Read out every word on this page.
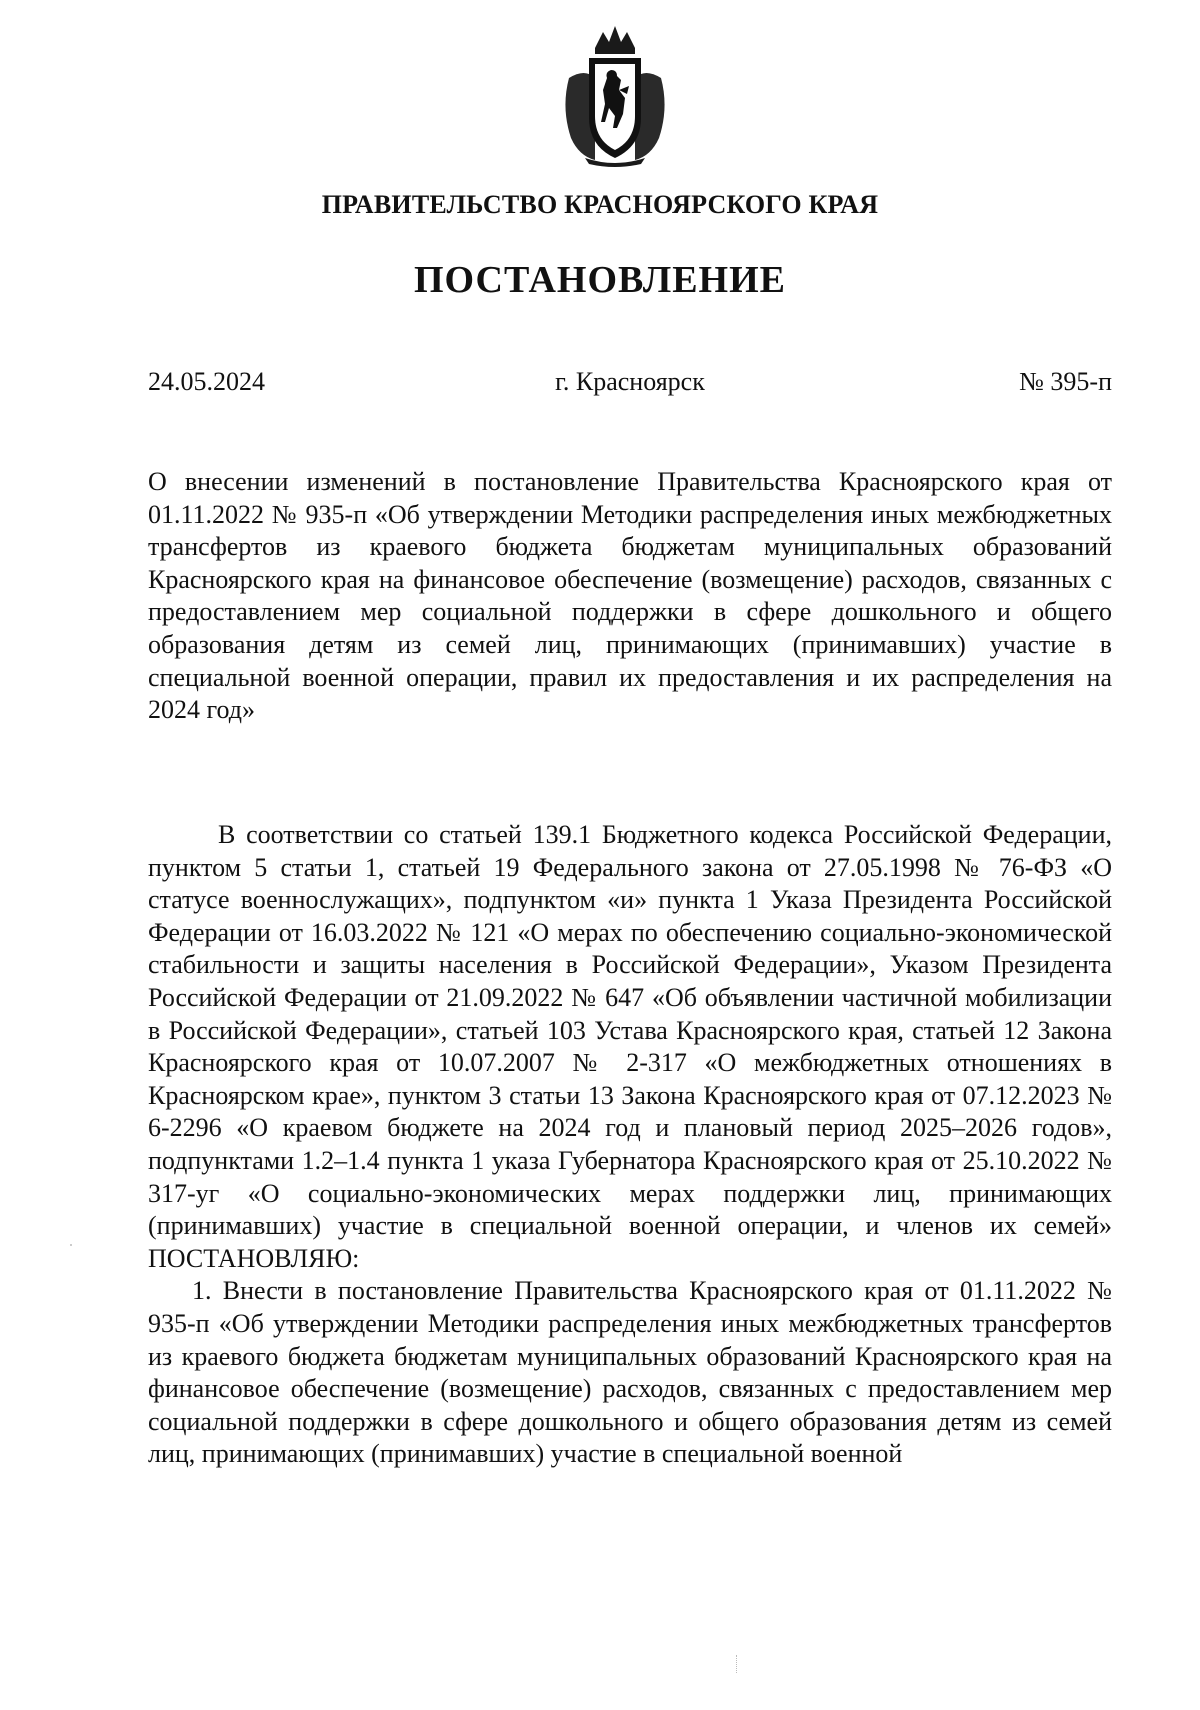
ПРАВИТЕЛЬСТВО КРАСНОЯРСКОГО КРАЯ
ПОСТАНОВЛЕНИЕ
24.05.2024	г. Красноярск	№ 395-п
О внесении изменений в постановление Правительства Красноярского края от 01.11.2022 № 935-п «Об утверждении Методики распределения иных межбюджетных трансфертов из краевого бюджета бюджетам муниципальных образований Красноярского края на финансовое обеспечение (возмещение) расходов, связанных с предоставлением мер социальной поддержки в сфере дошкольного и общего образования детям из семей лиц, принимающих (принимавших) участие в специальной военной операции, правил их предоставления и их распределения на 2024 год»

В соответствии со статьей 139.1 Бюджетного кодекса Российской Федерации, пунктом 5 статьи 1, статьей 19 Федерального закона от 27.05.1998 № 76-ФЗ «О статусе военнослужащих», подпунктом «и» пункта 1 Указа Президента Российской Федерации от 16.03.2022 № 121 «О мерах по обеспечению социально-экономической стабильности и защиты населения в Российской Федерации», Указом Президента Российской Федерации от 21.09.2022 № 647 «Об объявлении частичной мобилизации в Российской Федерации», статьей 103 Устава Красноярского края, статьей 12 Закона Красноярского края от 10.07.2007 № 2-317 «О межбюджетных отношениях в Красноярском крае», пунктом 3 статьи 13 Закона Красноярского края от 07.12.2023 № 6-2296 «О краевом бюджете на 2024 год и плановый период 2025–2026 годов», подпунктами 1.2–1.4 пункта 1 указа Губернатора Красноярского края от 25.10.2022 № 317-уг «О социально-экономических мерах поддержки лиц, принимающих (принимавших) участие в специальной военной операции, и членов их семей» ПОСТАНОВЛЯЮ:

1. Внести в постановление Правительства Красноярского края от 01.11.2022 № 935-п «Об утверждении Методики распределения иных межбюджетных трансфертов из краевого бюджета бюджетам муниципальных образований Красноярского края на финансовое обеспечение (возмещение) расходов, связанных с предоставлением мер социальной поддержки в сфере дошкольного и общего образования детям из семей лиц, принимающих (принимавших) участие в специальной военной
